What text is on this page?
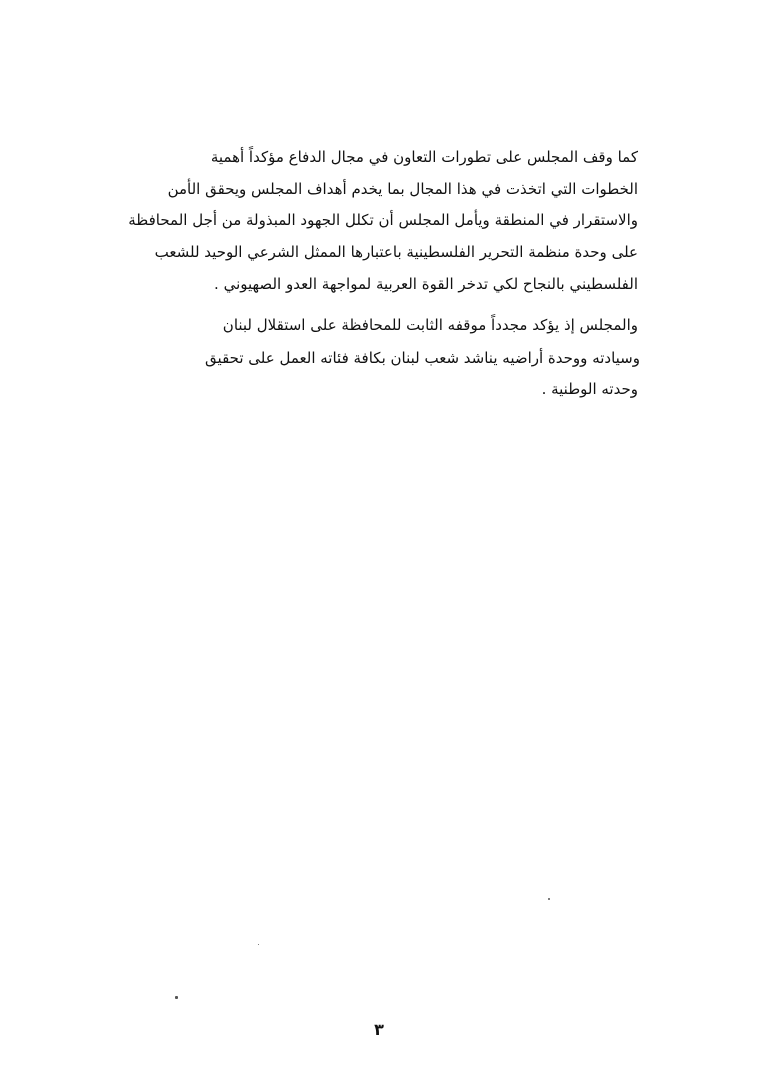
كما وقف المجلس على تطورات التعاون في مجال الدفاع مؤكداً أهمية
الخطوات التي اتخذت في هذا المجال بما يخدم أهداف المجلس ويحقق الأمن
والاستقرار في المنطقة ويأمل المجلس أن تكلل الجهود المبذولة من أجل المحافظة
على وحدة منظمة التحرير الفلسطينية باعتبارها الممثل الشرعي الوحيد للشعب
الفلسطيني بالنجاح لكي تدخر القوة العربية لمواجهة العدو الصهيوني .
والمجلس إذ يؤكد مجدداً موقفه الثابت للمحافظة على استقلال لبنان
وسيادته ووحدة أراضيه يناشد شعب لبنان بكافة فئاته العمل على تحقيق
وحدته الوطنية .
٣
